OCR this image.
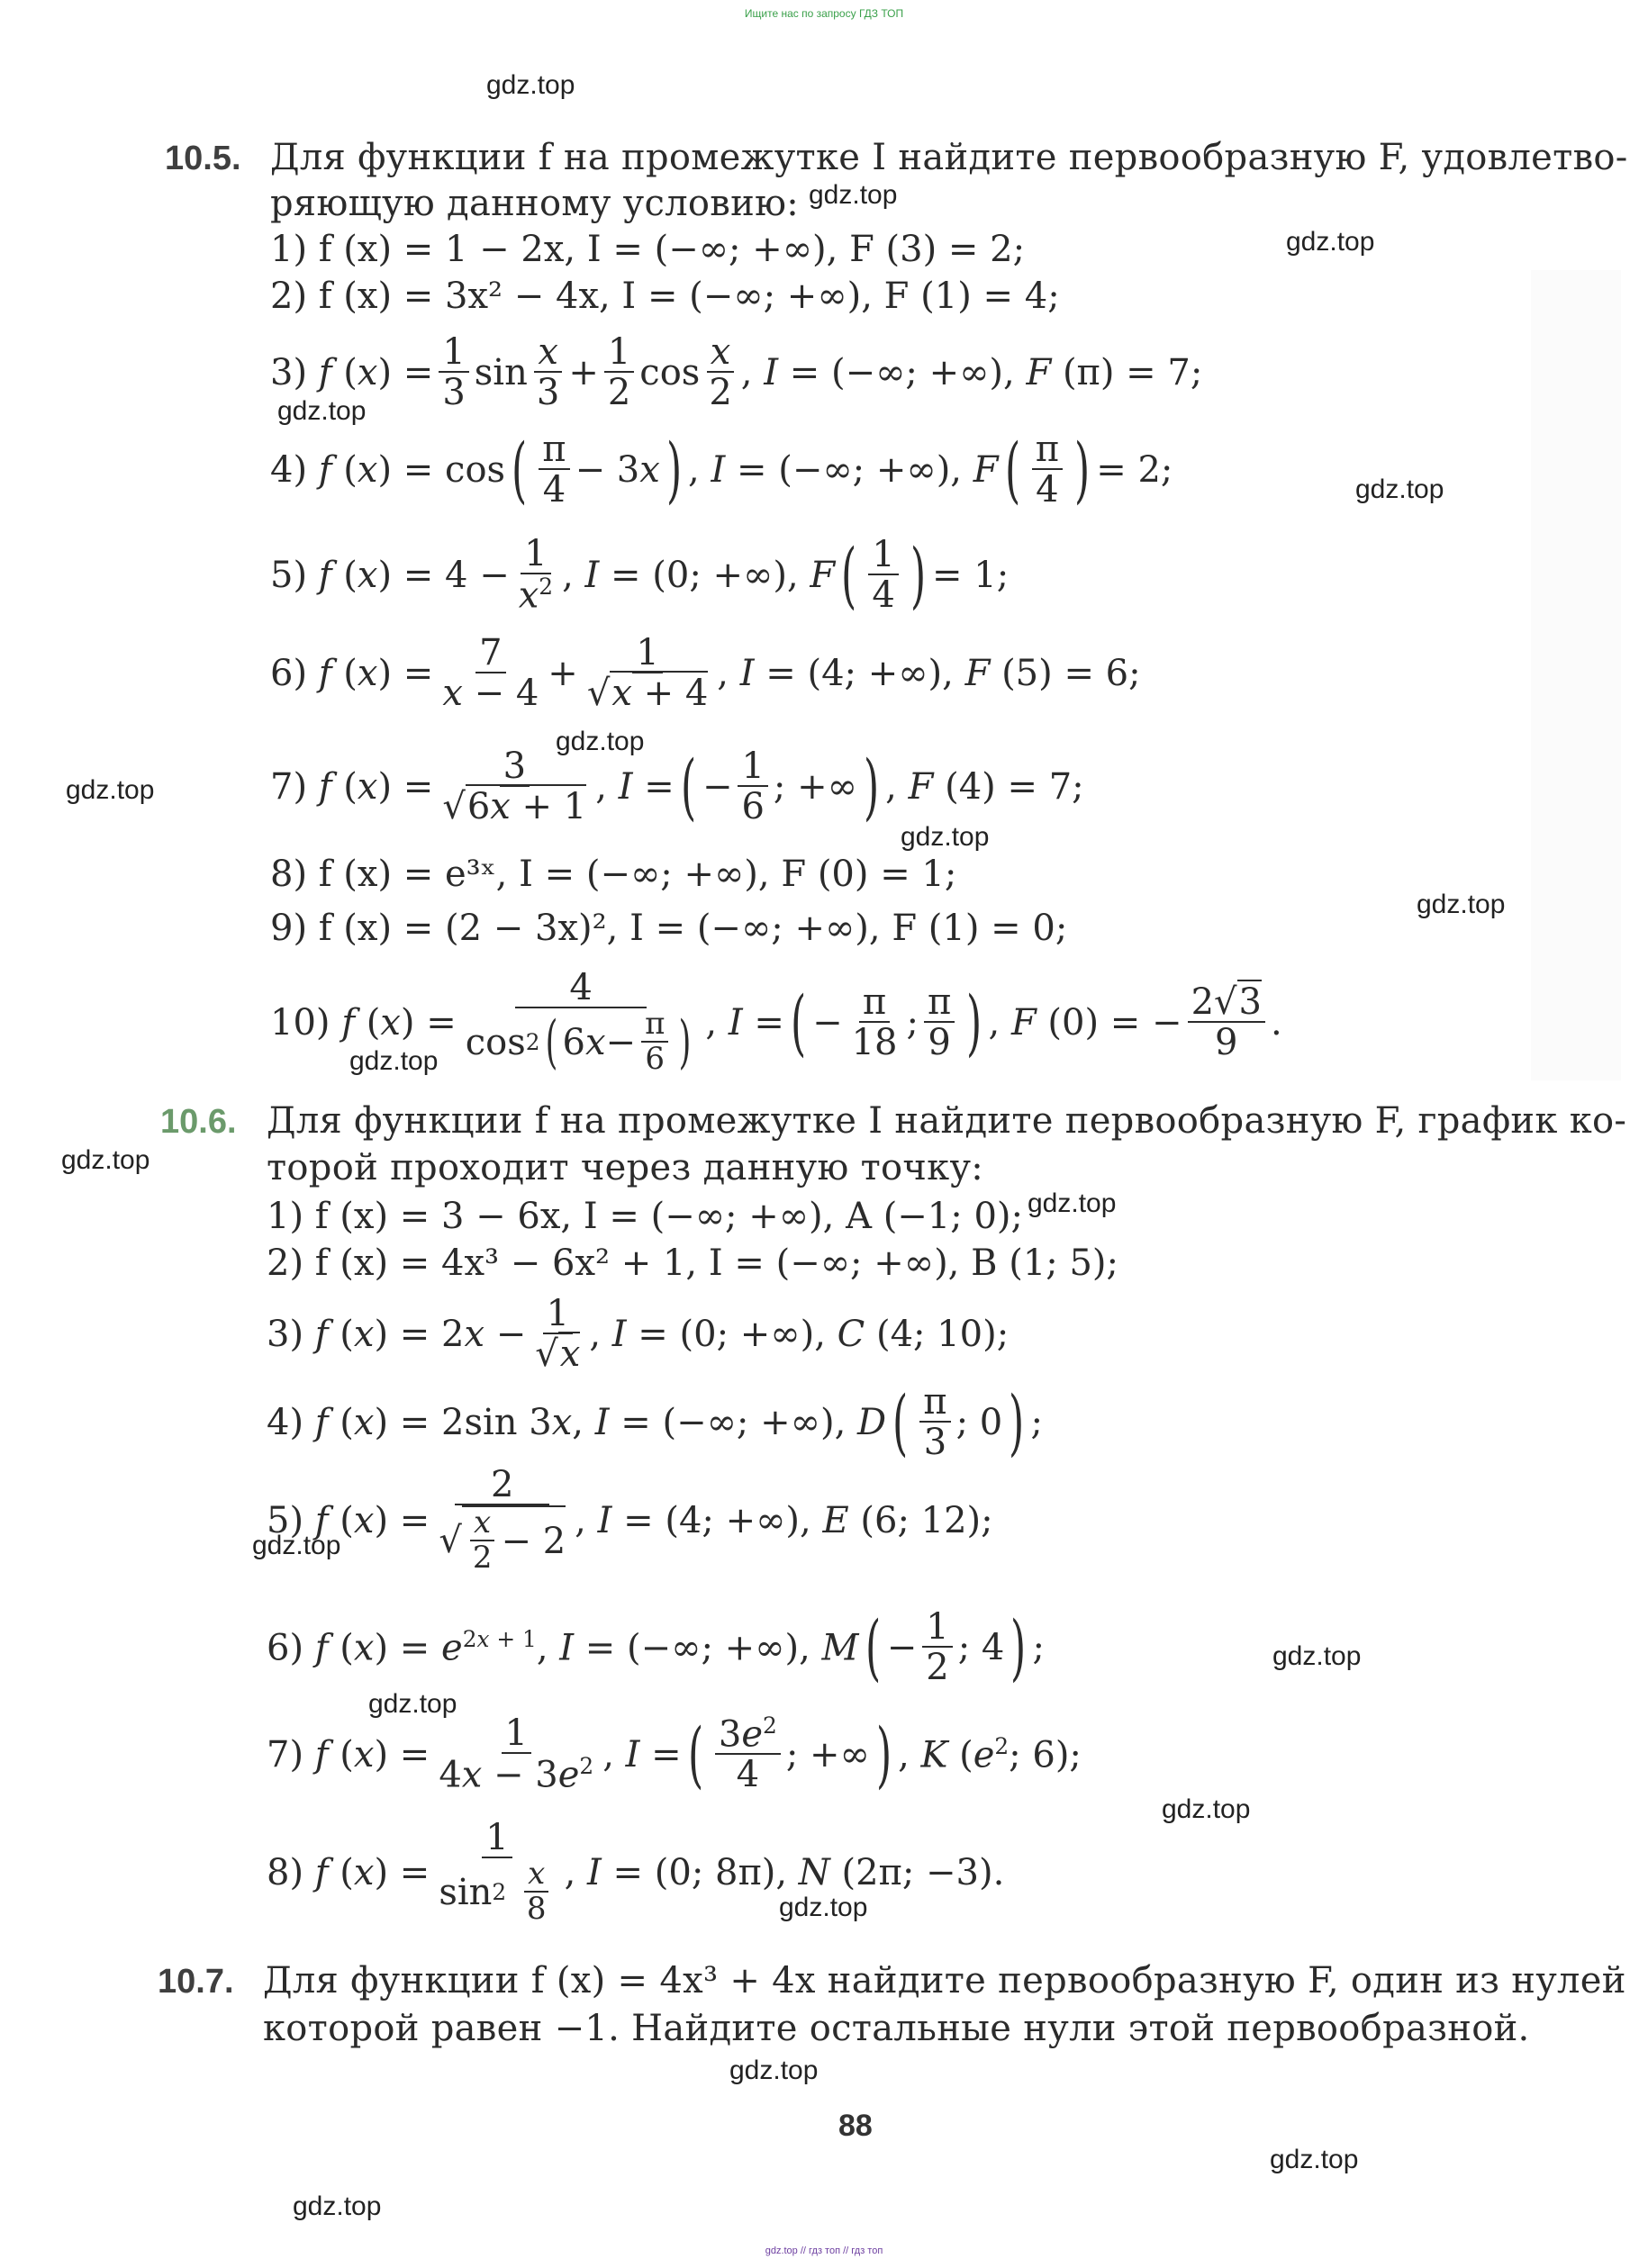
Ищите нас по запросу ГДЗ ТОП
gdz.top
gdz.top
gdz.top
gdz.top
gdz.top
gdz.top
gdz.top
gdz.top
gdz.top
gdz.top
gdz.top
gdz.top
gdz.top
gdz.top
gdz.top
gdz.top
gdz.top
gdz.top
gdz.top
gdz.top
10.5. Для функции f на промежутке I найдите первообразную F, удовлетво-
ряющую данному условию:
1) f (x) = 1 − 2x, I = (−∞; +∞), F (3) = 2;
2) f (x) = 3x² − 4x, I = (−∞; +∞), F (1) = 4;
3) f $(x) = \frac{1}{3}$ $\sin \frac{x}{3} + \frac{1}{2}$ $\cos \frac{x}{2}$ , I = (−∞; +∞), F (π) = 7;
4) f (x) = cos ( $\frac{\pi}{4} - 3x$ ) , I = (−∞; +∞), F ( $\frac{\pi}{4}$ ) = 2;
5) f $(x) = 4 - \frac{1}{x^2}$ , I = (0; +∞), F ( $\frac{1}{4}$ ) = 1;
6) f $(x) = \frac{7}{x - 4} + \frac{1}{√x + 4}$ , I = (4; +∞), F (5) = 6;
7) f $(x) = \frac{3}{√6x + 1}$ , I = ( − $\frac{1}{6}$ ; +∞ ) , F (4) = 7;
8) f (x) = e³ˣ, I = (−∞; +∞), F (0) = 1;
9) f (x) = (2 − 3x)², I = (−∞; +∞), F (1) = 0;
10) f $(x) = \frac{4}{\cos 2 ( 6 x - \frac{\pi}{6} )}$ , I = ( − $\frac{\pi}{18}$ ; $\frac{\pi}{9}$ ) , F (0) = − $\frac{2√3}{9}$ .
10.6. Для функции f на промежутке I найдите первообразную F, график ко-
торой проходит через данную точку:
1) f (x) = 3 − 6x, I = (−∞; +∞), A (−1; 0);
2) f (x) = 4x³ − 6x² + 1, I = (−∞; +∞), B (1; 5);
3) f $(x) = 2x - \frac{1}{√x}$ , I = (0; +∞), C (4; 10);
4) f (x) = 2sin 3x, I = (−∞; +∞), D ( $\frac{\pi}{3}$ ; 0 ) ;
5) f $(x) = \frac{2}{√ \frac{x}{2} - 2}$ , I = (4; +∞), E (6; 12);
6) f $(x) = e^{2x + 1}$, I = (−∞; +∞), M ( − $\frac{1}{2}$ ; 4 ) ;
7) f $(x) = \frac{1}{4x - 3e^2}$ , I = ( $\frac{3e^2}{4}$ ; +∞ ) , K ($e^2$; 6);
8) f (x) = 1
sin 2
$\frac{x}{8}$ , I = (0; 8π), N (2π; −3).
10.7. Для функции f (x) = 4x³ + 4x найдите первообразную F, один из нулей
которой равен −1. Найдите остальные нули этой первообразной.
88
gdz.top // гдз топ // гдз топ
